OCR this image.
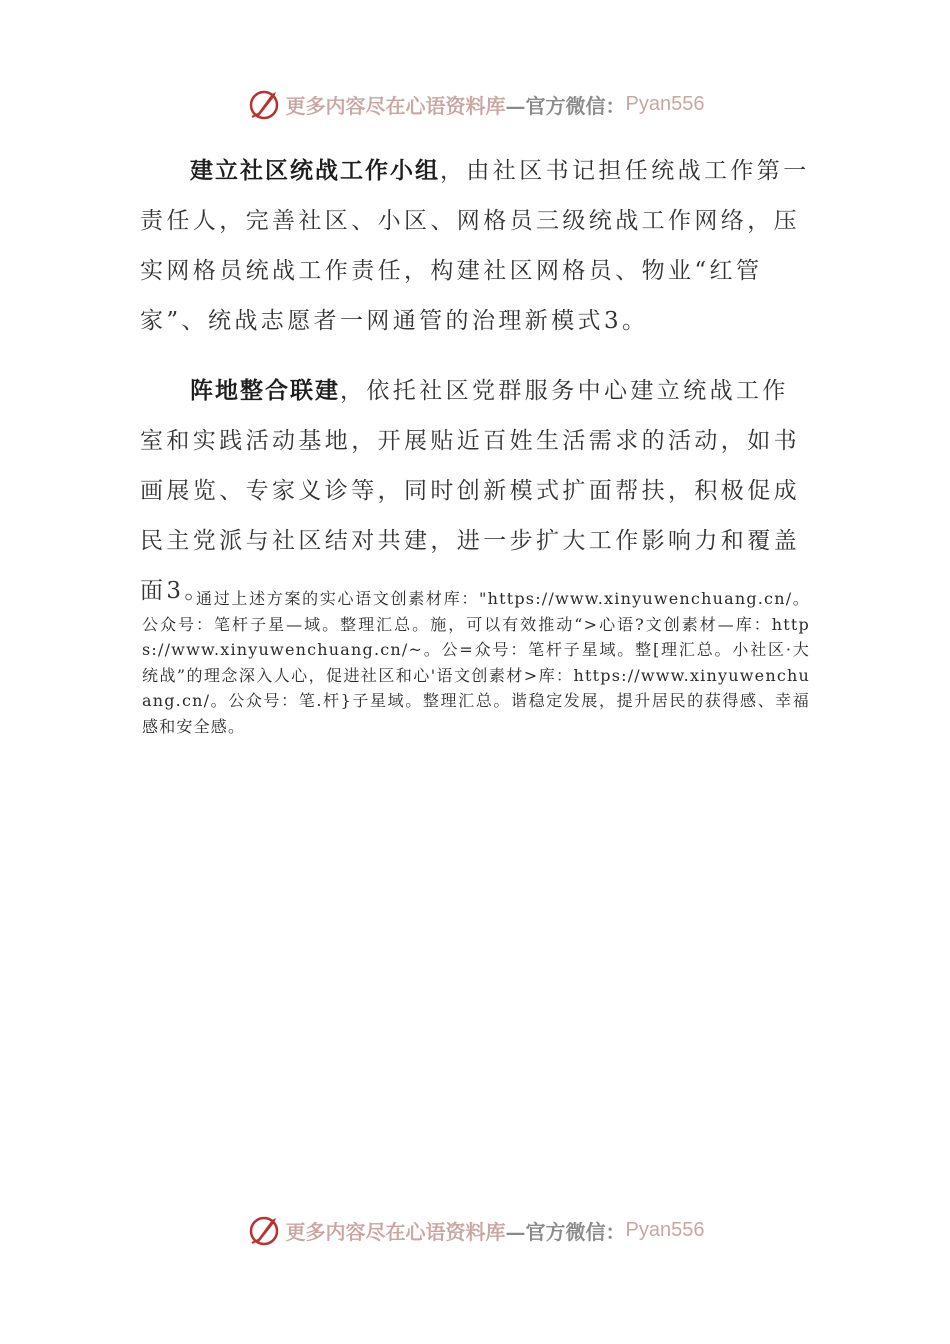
更多内容尽在心语资料库 —官方微信： Pyan556

建立社区统战工作小组，由社区书记担任统战工作第一责任人，完善社区、小区、网格员三级统战工作网络，压实网格员统战工作责任，构建社区网格员、物业“红管家”、统战志愿者一网通管的治理新模式3。

阵地整合联建，依托社区党群服务中心建立统战工作室和实践活动基地，开展贴近百姓生活需求的活动，如书画展览、专家义诊等，同时创新模式扩面帮扶，积极促成民主党派与社区结对共建，进一步扩大工作影响力和覆盖面3。

通过上述方案的实心语文创素材库："https://www.xinyuwenchuang.cn/。公众号：笔杆子星—域。整理汇总。施，可以有效推动“>心语?文创素材—库：https://www.xinyuwenchuang.cn/~。公=众号：笔杆子星域。整[理汇总。小社区·大统战”的理念深入人心，促进社区和心'语文创素材>库：https://www.xinyuwenchuang.cn/。公众号：笔.杆}子星域。整理汇总。谐稳定发展，提升居民的获得感、幸福感和安全感。

更多内容尽在心语资料库 —官方微信： Pyan556
